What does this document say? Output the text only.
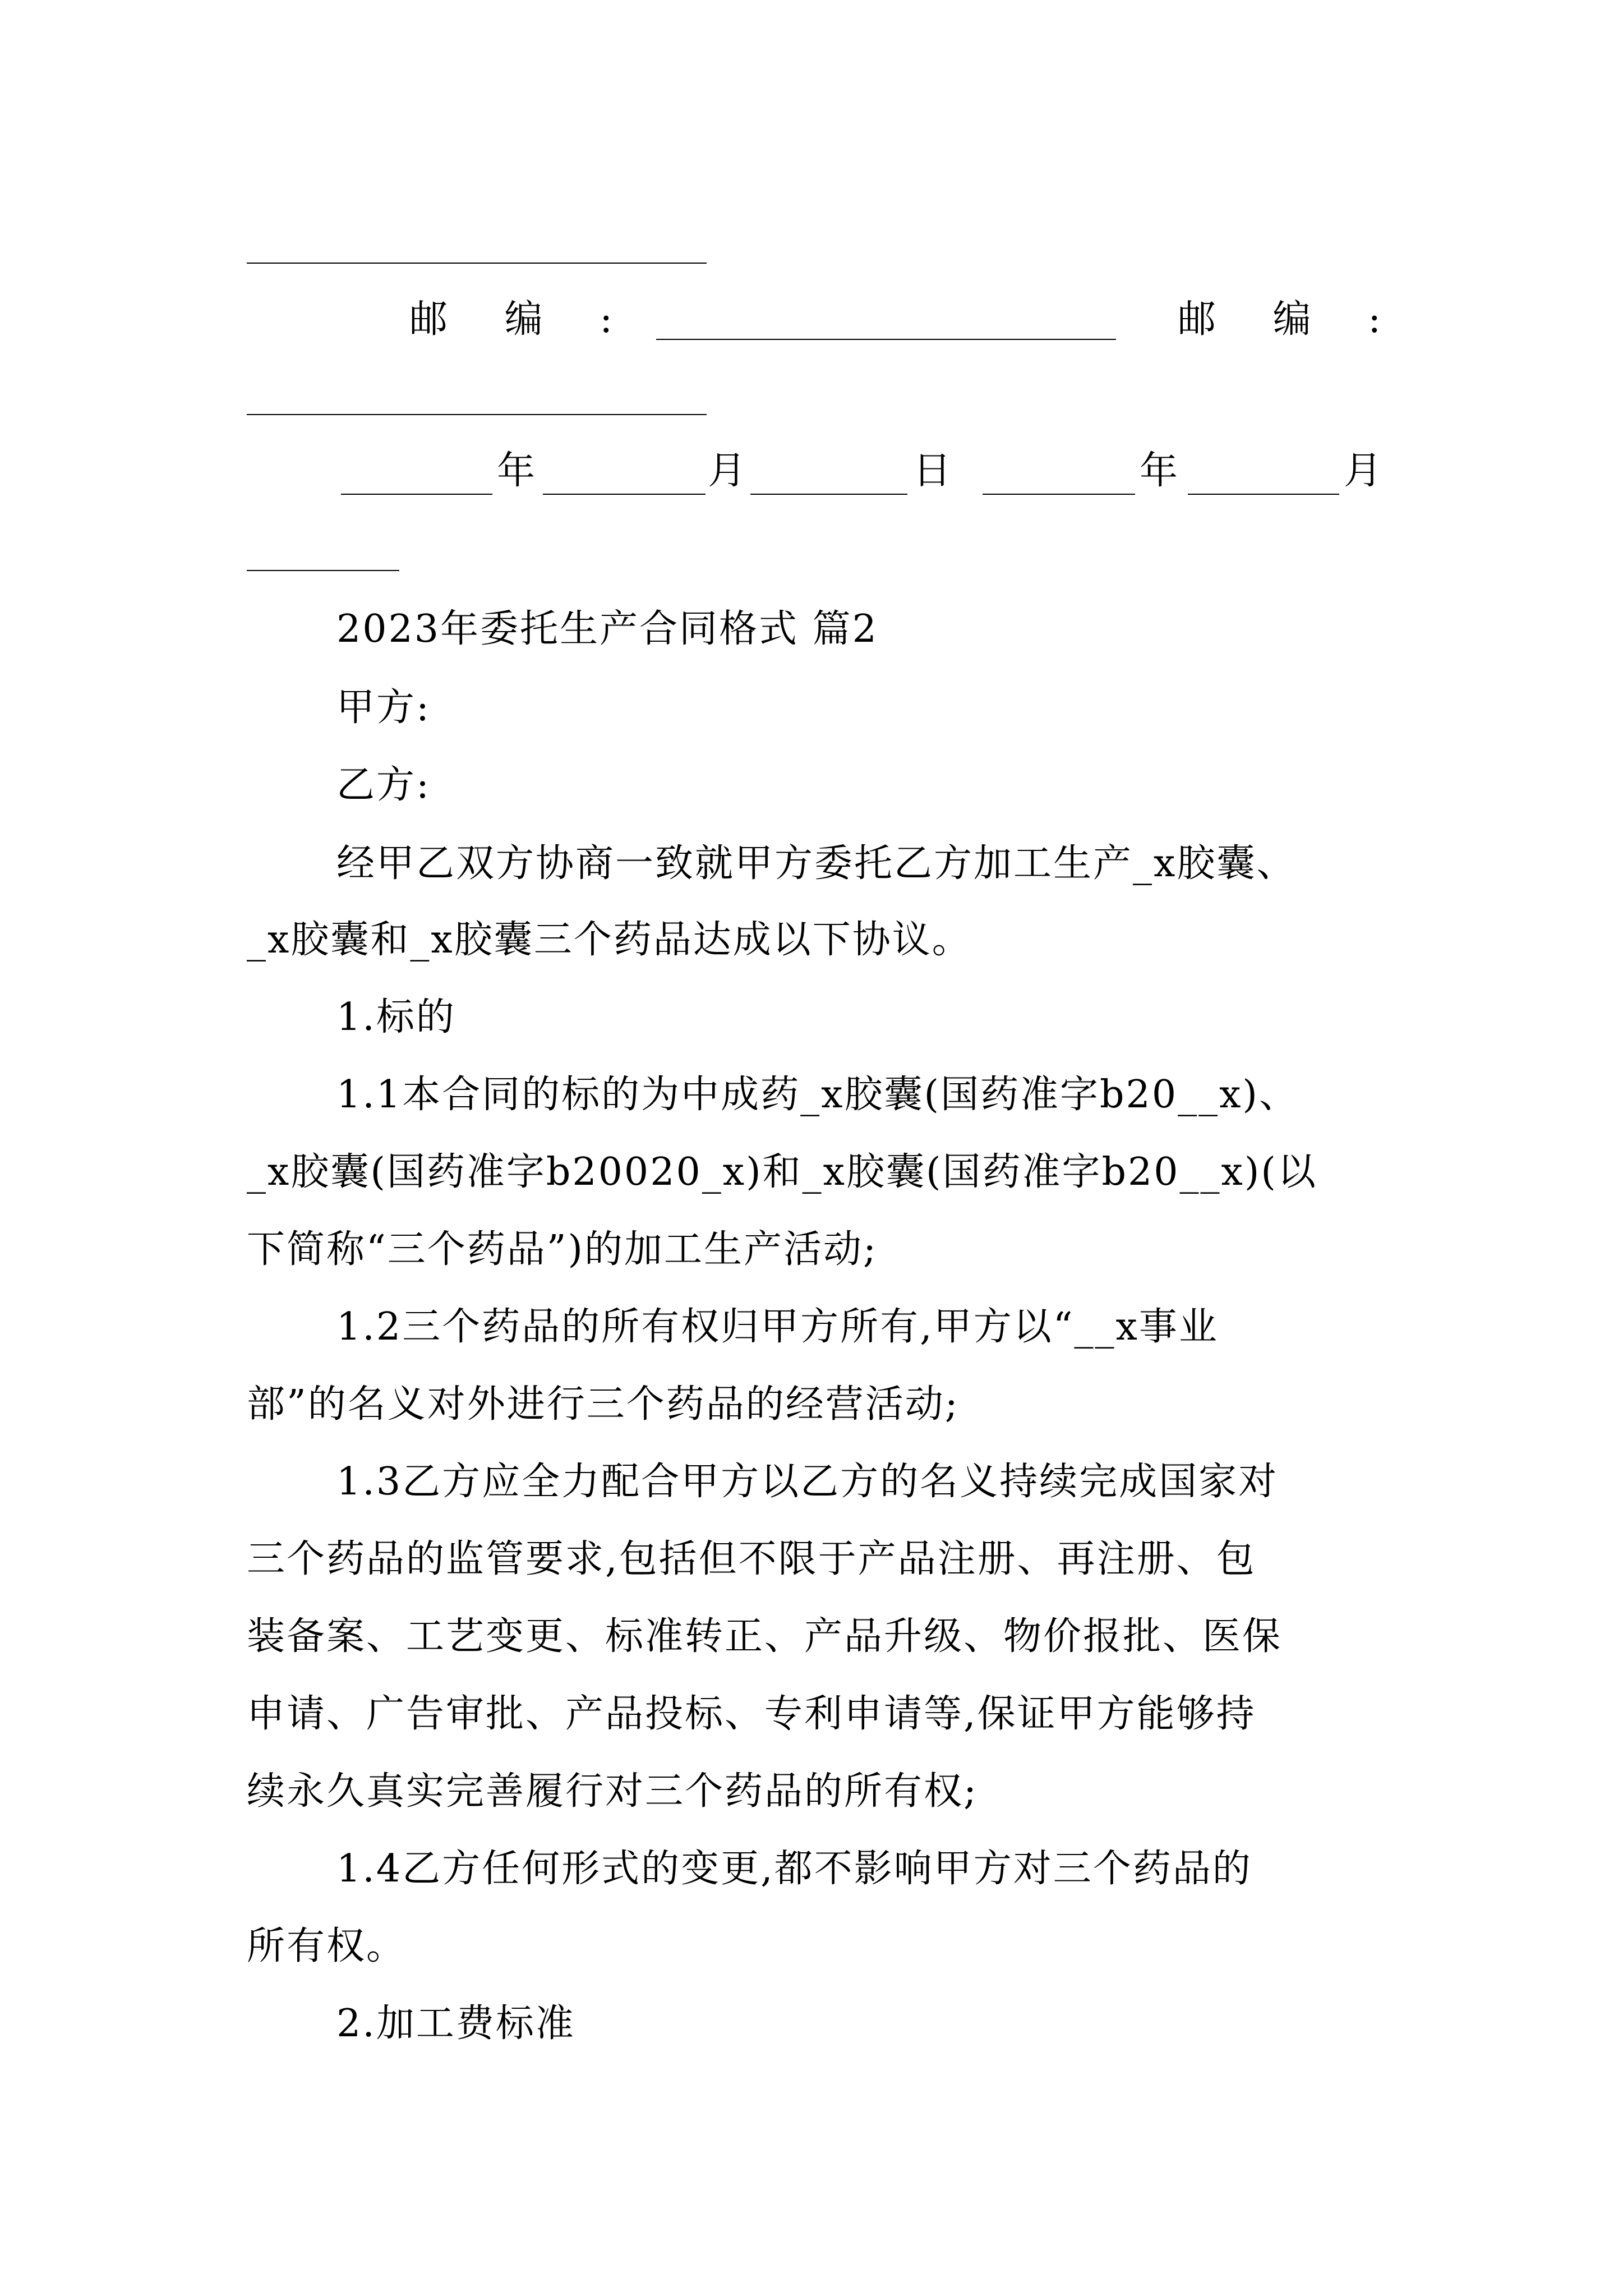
邮 编 :	邮 编 :
年	月	日	年	月
2023年委托生产合同格式 篇2
甲方:
乙方:
经甲乙双方协商一致就甲方委托乙方加工生产_x胶囊、
_x胶囊和_x胶囊三个药品达成以下协议。
1.标的
1.1本合同的标的为中成药_x胶囊(国药准字b20__x)、
_x胶囊(国药准字b20020_x)和_x胶囊(国药准字b20__x)(以
下简称“三个药品”)的加工生产活动;
1.2三个药品的所有权归甲方所有,甲方以“__x事业
部”的名义对外进行三个药品的经营活动;
1.3乙方应全力配合甲方以乙方的名义持续完成国家对
三个药品的监管要求,包括但不限于产品注册、再注册、包
装备案、工艺变更、标准转正、产品升级、物价报批、医保
申请、广告审批、产品投标、专利申请等,保证甲方能够持
续永久真实完善履行对三个药品的所有权;
1.4乙方任何形式的变更,都不影响甲方对三个药品的
所有权。
2.加工费标准
